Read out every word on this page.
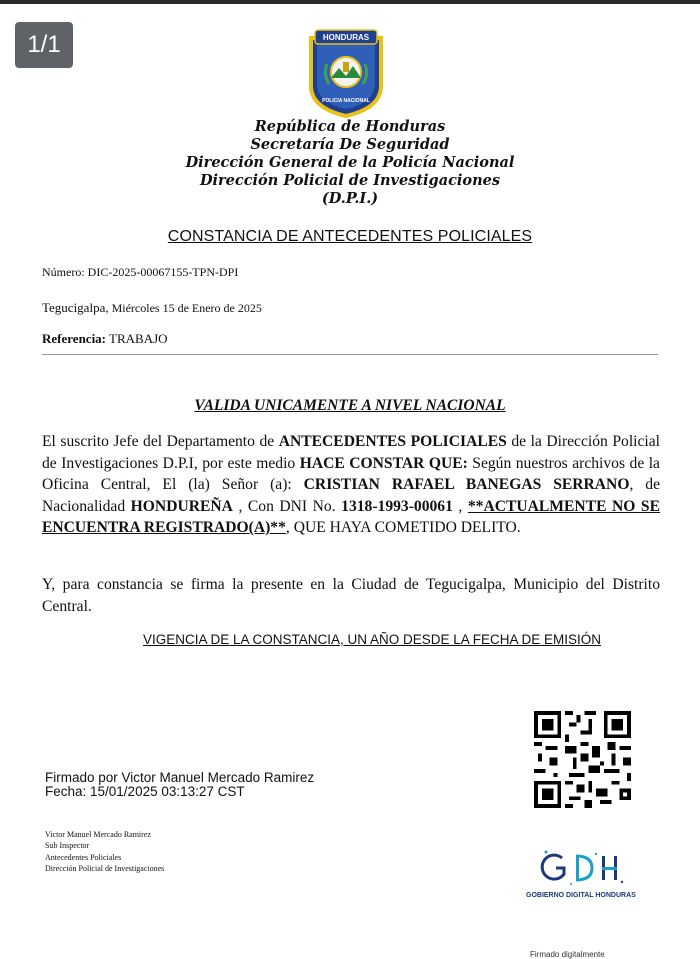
1/1	HONDURAS
POLICIA NACIONAL
República de Honduras
Secretaría De Seguridad
Dirección General de la Policía Nacional
Dirección Policial de Investigaciones
(D.P.I.)
CONSTANCIA DE ANTECEDENTES POLICIALES
Número: DIC-2025-00067155-TPN-DPI
Tegucigalpa, Miércoles 15 de Enero de 2025
Referencia: TRABAJO
VALIDA UNICAMENTE A NIVEL NACIONAL
El suscrito Jefe del Departamento de ANTECEDENTES POLICIALES de la Dirección Policial de Investigaciones D.P.I, por este medio HACE CONSTAR QUE: Según nuestros archivos de la Oficina Central, El (la) Señor (a): CRISTIAN RAFAEL BANEGAS SERRANO, de Nacionalidad HONDUREÑA , Con DNI No. 1318-1993-00061 , **ACTUALMENTE NO SE ENCUENTRA REGISTRADO(A)**, QUE HAYA COMETIDO DELITO.
Y, para constancia se firma la presente en la Ciudad de Tegucigalpa, Municipio del Distrito Central.
VIGENCIA DE LA CONSTANCIA, UN AÑO DESDE LA FECHA DE EMISIÓN
Firmado por Victor Manuel Mercado Ramirez
Fecha: 15/01/2025 03:13:27 CST
Victor Manuel Mercado Ramirez
Sub Inspector
Antecedentes Policiales
Dirección Policial de Investigaciones
GOBIERNO DIGITAL HONDURAS
Firmado digitalmente
